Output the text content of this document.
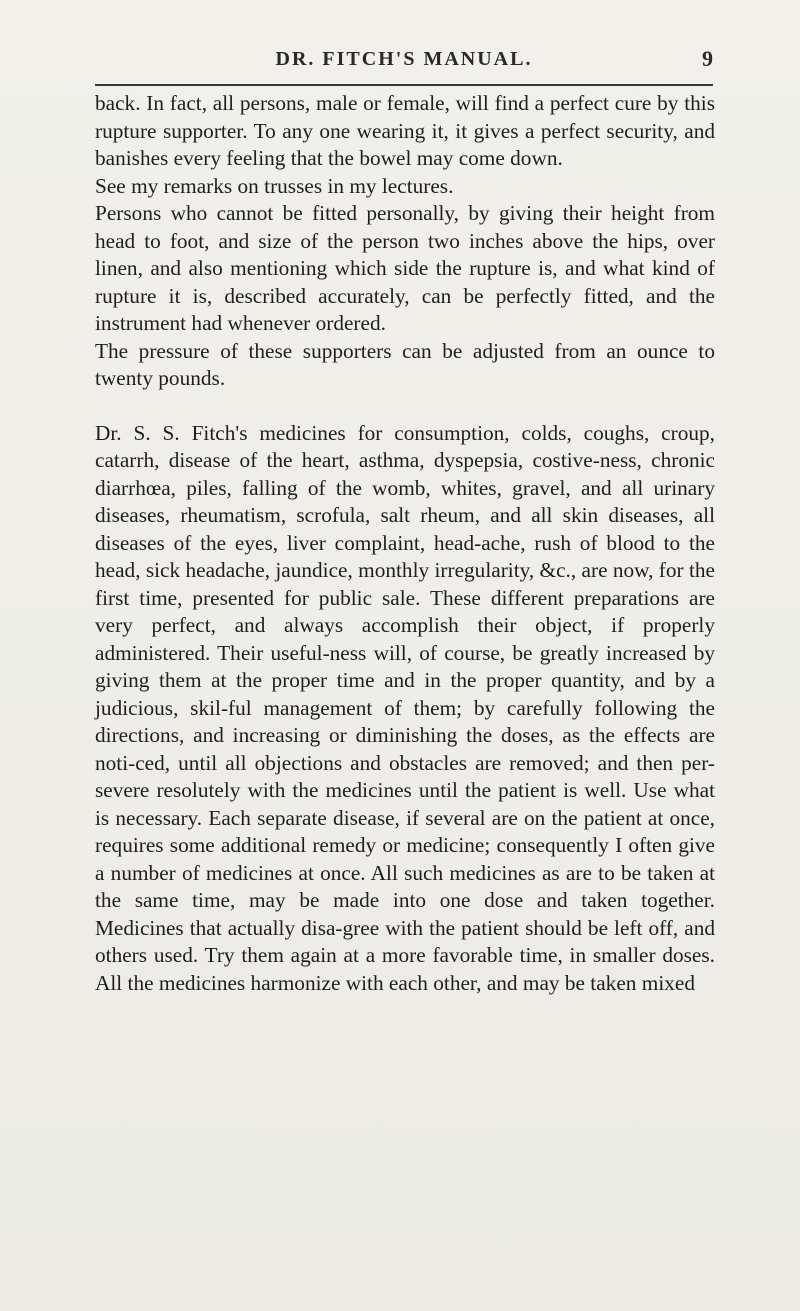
DR. FITCH'S MANUAL.	9

back. In fact, all persons, male or female, will find a perfect cure by this rupture supporter. To any one wearing it, it gives a perfect security, and banishes every feeling that the bowel may come down.

See my remarks on trusses in my lectures.

Persons who cannot be fitted personally, by giving their height from head to foot, and size of the person two inches above the hips, over linen, and also mentioning which side the rupture is, and what kind of rupture it is, described accurately, can be perfectly fitted, and the instrument had whenever ordered.

The pressure of these supporters can be adjusted from an ounce to twenty pounds.

Dr. S. S. Fitch's medicines for consumption, colds, coughs, croup, catarrh, disease of the heart, asthma, dyspepsia, costive-ness, chronic diarrhœa, piles, falling of the womb, whites, gravel, and all urinary diseases, rheumatism, scrofula, salt rheum, and all skin diseases, all diseases of the eyes, liver complaint, head-ache, rush of blood to the head, sick headache, jaundice, monthly irregularity, &c., are now, for the first time, presented for public sale. These different preparations are very perfect, and always accomplish their object, if properly administered. Their useful-ness will, of course, be greatly increased by giving them at the proper time and in the proper quantity, and by a judicious, skil-ful management of them; by carefully following the directions, and increasing or diminishing the doses, as the effects are noti-ced, until all objections and obstacles are removed; and then per-severe resolutely with the medicines until the patient is well. Use what is necessary. Each separate disease, if several are on the patient at once, requires some additional remedy or medicine; consequently I often give a number of medicines at once. All such medicines as are to be taken at the same time, may be made into one dose and taken together. Medicines that actually disa-gree with the patient should be left off, and others used. Try them again at a more favorable time, in smaller doses. All the medicines harmonize with each other, and may be taken mixed
